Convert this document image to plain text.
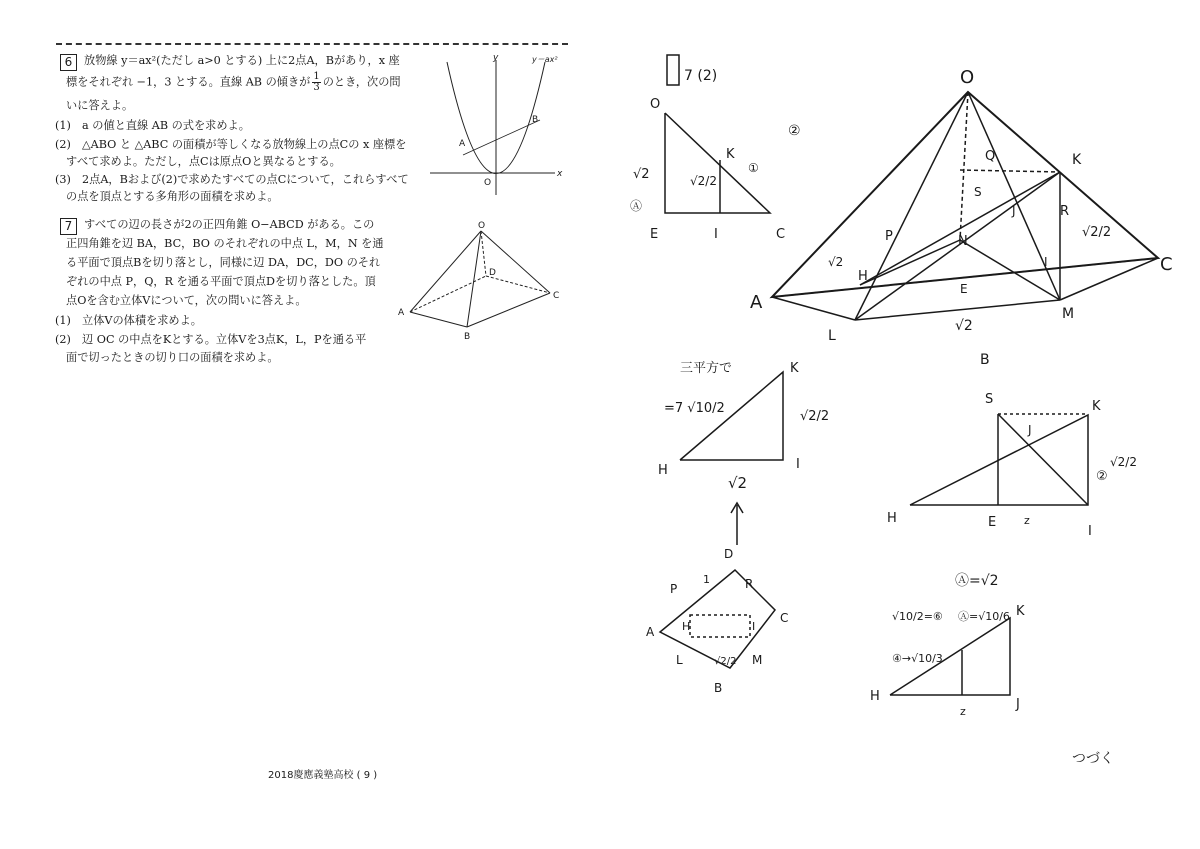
6	放物線 y＝ax²(ただし a>0 とする) 上に2点A，Bがあり，x 座
標をそれぞれ −1，3 とする。直線 AB の傾きが $\frac{1}{3}$ のとき，次の問
いに答えよ。
(1)　a の値と直線 AB の式を求めよ。
(2)　△ABO と △ABC の面積が等しくなる放物線上の点Cの x 座標を
すべて求めよ。ただし，点Cは原点Oと異なるとする。
(3)　2点A，Bおよび(2)で求めたすべての点Cについて，これらすべて
の点を頂点とする多角形の面積を求めよ。
7	すべての辺の長さが2の正四角錐 O−ABCD がある。この
正四角錐を辺 BA，BC，BO のそれぞれの中点 L，M，N を通
る平面で頂点Bを切り落とし，同様に辺 DA，DC，DO のそれ
ぞれの中点 P，Q，R を通る平面で頂点Dを切り落とした。頂
点Oを含む立体Vについて，次の問いに答えよ。
(1)　立体Vの体積を求めよ。
(2)　辺 OC の中点をKとする。立体Vを3点K，L，Pを通る平
面で切ったときの切り口の面積を求めよ。
2018慶應義塾高校 ( 9 )
y
x
y＝ax²
A
B
O
O
A
B
C
D
7 (2)
O
E	I	C
K
√2	√2/2
①
②
Ⓐ
O
A
B
C
K
L
M
P
Q
N
H
R
S
J
E
I
√2
√2
√2/2
三平方で
=7 √10/2
√2/2
√2
H	I
K
S	K
J
H	E
I
z
②
√2/2
D
P	R
A
C
L	M
B
H	I
1
√2/2
Ⓐ=√2
H
J
K
√10/2=⑥ Ⓐ=√10/6
④→√10/3
z
つづく
